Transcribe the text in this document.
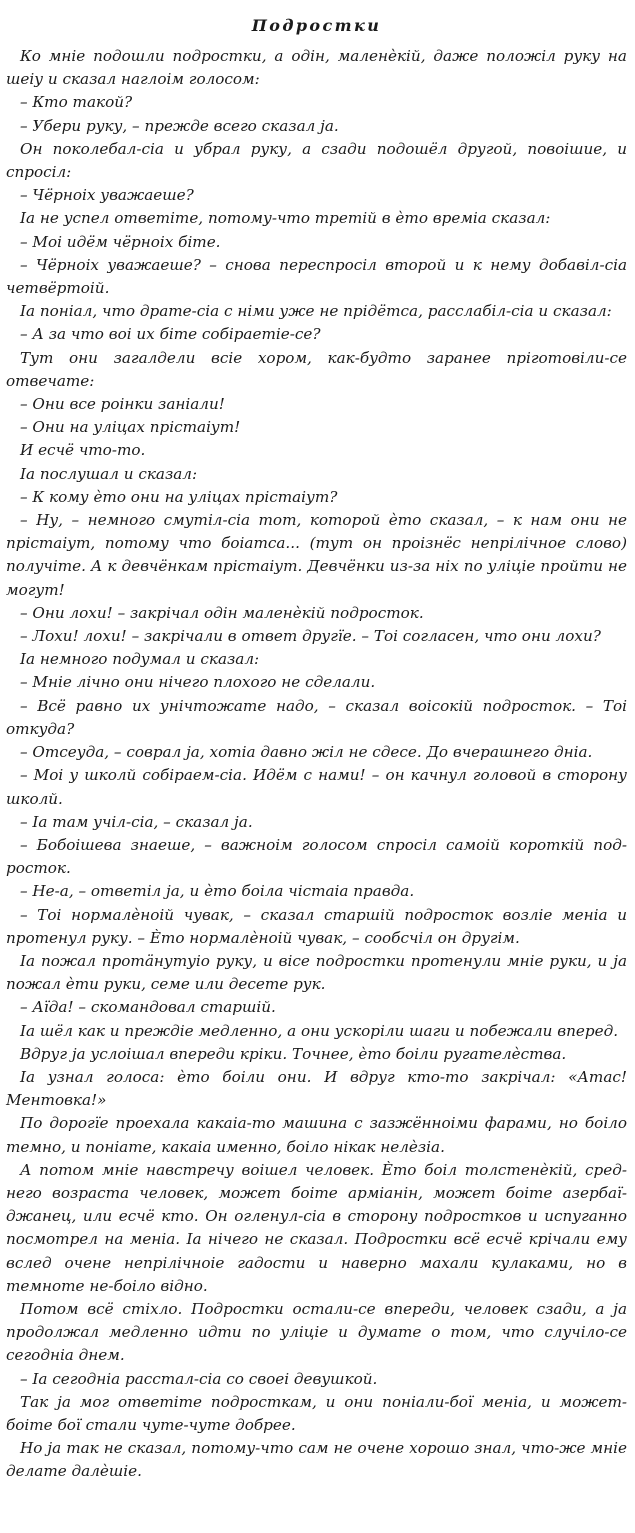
Подростки

Ко мніе подошли подростки, а одін, маленѐкій, даже положіл руку на шеіу и сказал наглоім голосом:

– Кто такой?

– Убери руку, – прежде всего сказал ја.

Он поколебал-сіа и убрал руку, а сзади подошёл другой, повоішие, и спросіл:

– Чёрноіх уважаеше?

Іа не успел ответіте, потому-что третій в ѐто времіа сказал:

– Моі идём чёрноіх біте.

– Чёрноіх уважаеше? – снова переспросіл второй и к нему добавіл-сіа четвёртоій.

Іа поніал, что драте-сіа с німи уже не прідётса, расслабіл-сіа и сказал:

– А за что воі их біте собіраетіе-се?

Тут они загалдели всіе хором, как-будто заранее пріготовіли-се отвечате:

– Они все роінки заніали!

– Они на уліцах прістаіут!

И есчё что-то.

Іа послушал и сказал:

– К кому ѐто они на уліцах прістаіут?

– Ну, – немного смутіл-сіа тот, которой ѐто сказал, – к нам они не прістаіут, потому что боіатса... (тут он проізнёс непрілічное слово) получіте. А к девчёнкам прістаіут. Девчёнки из-за ніх по уліціе пройти не могут!

– Они лохи! – закрічал одін маленѐкій подросток.

– Лохи! лохи! – закрічали в ответ другїе. – Тоі согласен, что они лохи?

Іа немного подумал и сказал:

– Мніе лічно они нічего плохого не сделали.

– Всё равно их унічтожате надо, – сказал воісокій подросток. – Тоі откуда?

– Отсеуда, – соврал ја, хотіа давно жіл не сдесе. До вчерашнего дніа.

– Моі у школй собіраем-сіа. Идём с нами! – он качнул головой в сторону школй.

– Іа там учіл-сіа, – сказал ја.

– Бобоішева знаеше, – важноім голосом спросіл самоій короткій подросток.

– Не-а, – ответіл ја, и ѐто боіла чістаіа правда.

– Тоі нормалѐноій чувак, – сказал старшій подросток возліе меніа и протенул руку. – Ѐто нормалѐноій чувак, – сообсчіл он другім.

Іа пожал протäнутуіо руку, и віce подростки протенули мніе руки, и ја пожал ѐти руки, семе или десете рук.

– Аїда! – скомандовал старшій.

Іа шёл как и преждіе медленно, а они ускоріли шаги и побежали вперед.

Вдруг ја услоішал впереди кріки. Точнее, ѐто боіли ругателѐства.

Іа узнал голоса: ѐто боіли они. И вдруг кто-то закрічал: «Атас! Ментовка!»

По дорогїе проехала какаіа-то машина с зазжённоіми фарами, но боіло темно, и поніате, какаіа именно, боіло нікак нелѐзіа.

А потом мніе навстречу воішел человек. Ѐто боіл толстенѐкій, среднего возраста человек, может боіте арміанін, может боіте азербаїджанец, или есчё кто. Он огленул-сіа в сторону подростков и испуганно посмотрел на меніа. Іа нічего не сказал. Подростки всё есчё крічали ему вслед очене непрілічноіе гадости и наверно махали кулаками, но в темноте не-боіло відно.

Потом всё стіхло. Подростки остали-се впереди, человек сзади, а ја продолжал медленно идти по уліціе и думате о том, что случіло-се сегодніа днем.

– Іа сегодніа расстал-сіа со своеі девушкой.

Так ја мог ответіте подросткам, и они поніали-бої меніа, и может-боіте бої стали чуте-чуте добрее.

Но ја так не сказал, потому-что сам не очене хорошо знал, что-же мніе делате далѐшіе.
